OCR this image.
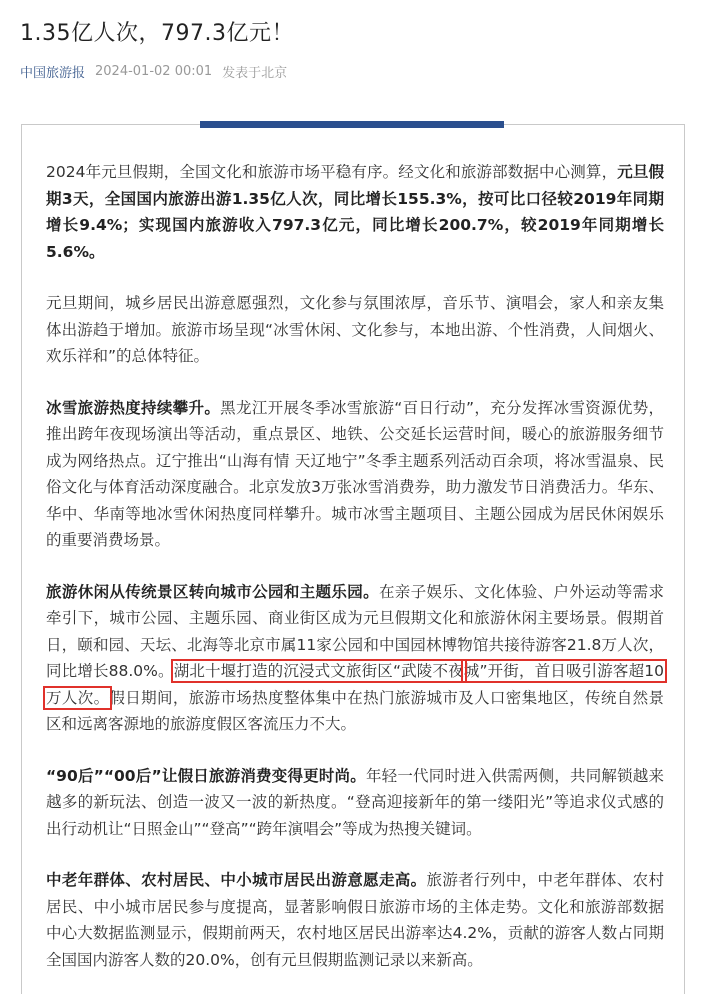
1.35亿人次，797.3亿元！
中国旅游报 2024-01-02 00:01 发表于北京

2024年元旦假期，全国文化和旅游市场平稳有序。经文化和旅游部数据中心测算，元旦假期3天，全国国内旅游出游1.35亿人次，同比增长155.3%，按可比口径较2019年同期增长9.4%；实现国内旅游收入797.3亿元，同比增长200.7%，较2019年同期增长5.6%。

元旦期间，城乡居民出游意愿强烈，文化参与氛围浓厚，音乐节、演唱会，家人和亲友集体出游趋于增加。旅游市场呈现“冰雪休闲、文化参与，本地出游、个性消费，人间烟火、欢乐祥和”的总体特征。

冰雪旅游热度持续攀升。黑龙江开展冬季冰雪旅游“百日行动”，充分发挥冰雪资源优势，推出跨年夜现场演出等活动，重点景区、地铁、公交延长运营时间，暖心的旅游服务细节成为网络热点。辽宁推出“山海有情 天辽地宁”冬季主题系列活动百余项，将冰雪温泉、民俗文化与体育活动深度融合。北京发放3万张冰雪消费券，助力激发节日消费活力。华东、华中、华南等地冰雪休闲热度同样攀升。城市冰雪主题项目、主题公园成为居民休闲娱乐的重要消费场景。

旅游休闲从传统景区转向城市公园和主题乐园。在亲子娱乐、文化体验、户外运动等需求牵引下，城市公园、主题乐园、商业街区成为元旦假期文化和旅游休闲主要场景。假期首日，颐和园、天坛、北海等北京市属11家公园和中国园林博物馆共接待游客21.8万人次，同比增长88.0%。湖北十堰打造的沉浸式文旅街区“武陵不夜城”开街，首日吸引游客超10万人次。假日期间，旅游市场热度整体集中在热门旅游城市及人口密集地区，传统自然景区和远离客源地的旅游度假区客流压力不大。

“90后”“00后”让假日旅游消费变得更时尚。年轻一代同时进入供需两侧，共同解锁越来越多的新玩法、创造一波又一波的新热度。“登高迎接新年的第一缕阳光”等追求仪式感的出行动机让“日照金山”“登高”“跨年演唱会”等成为热搜关键词。

中老年群体、农村居民、中小城市居民出游意愿走高。旅游者行列中，中老年群体、农村居民、中小城市居民参与度提高，显著影响假日旅游市场的主体走势。文化和旅游部数据中心大数据监测显示，假期前两天，农村地区居民出游率达4.2%，贡献的游客人数占同期全国国内游客人数的20.0%，创有元旦假期监测记录以来新高。
